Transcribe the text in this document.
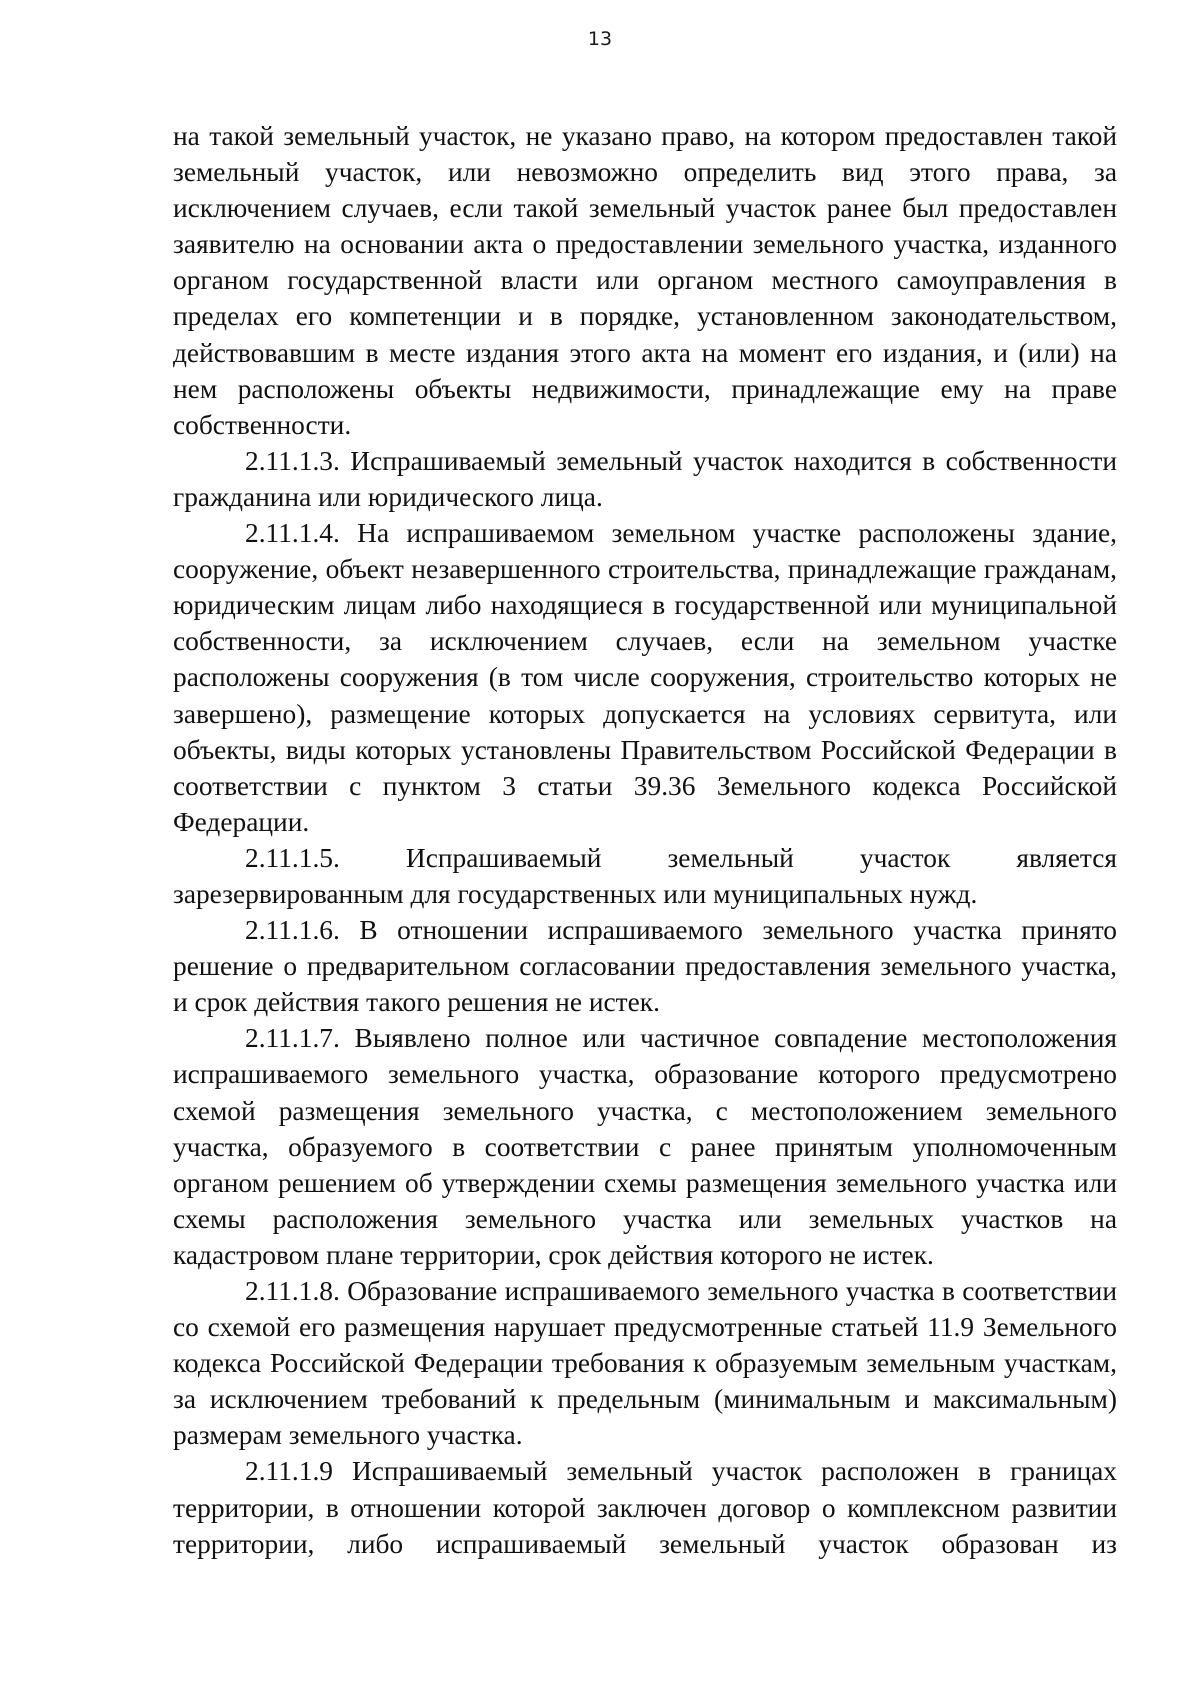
13

на такой земельный участок, не указано право, на котором предоставлен такой земельный участок, или невозможно определить вид этого права, за исключением случаев, если такой земельный участок ранее был предоставлен заявителю на основании акта о предоставлении земельного участка, изданного органом государственной власти или органом местного самоуправления в пределах его компетенции и в порядке, установленном законодательством, действовавшим в месте издания этого акта на момент его издания, и (или) на нем расположены объекты недвижимости, принадлежащие ему на праве собственности.

2.11.1.3. Испрашиваемый земельный участок находится в собственности гражданина или юридического лица.

2.11.1.4. На испрашиваемом земельном участке расположены здание, сооружение, объект незавершенного строительства, принадлежащие гражданам, юридическим лицам либо находящиеся в государственной или муниципальной собственности, за исключением случаев, если на земельном участке расположены сооружения (в том числе сооружения, строительство которых не завершено), размещение которых допускается на условиях сервитута, или объекты, виды которых установлены Правительством Российской Федерации в соответствии с пунктом 3 статьи 39.36 Земельного кодекса Российской Федерации.

2.11.1.5. Испрашиваемый земельный участок является зарезервированным для государственных или муниципальных нужд.

2.11.1.6. В отношении испрашиваемого земельного участка принято решение о предварительном согласовании предоставления земельного участка, и срок действия такого решения не истек.

2.11.1.7. Выявлено полное или частичное совпадение местоположения испрашиваемого земельного участка, образование которого предусмотрено схемой размещения земельного участка, с местоположением земельного участка, образуемого в соответствии с ранее принятым уполномоченным органом решением об утверждении схемы размещения земельного участка или схемы расположения земельного участка или земельных участков на кадастровом плане территории, срок действия которого не истек.

2.11.1.8. Образование испрашиваемого земельного участка в соответствии со схемой его размещения нарушает предусмотренные статьей 11.9 Земельного кодекса Российской Федерации требования к образуемым земельным участкам, за исключением требований к предельным (минимальным и максимальным) размерам земельного участка.

2.11.1.9 Испрашиваемый земельный участок расположен в границах территории, в отношении которой заключен договор о комплексном развитии территории, либо испрашиваемый земельный участок образован из
